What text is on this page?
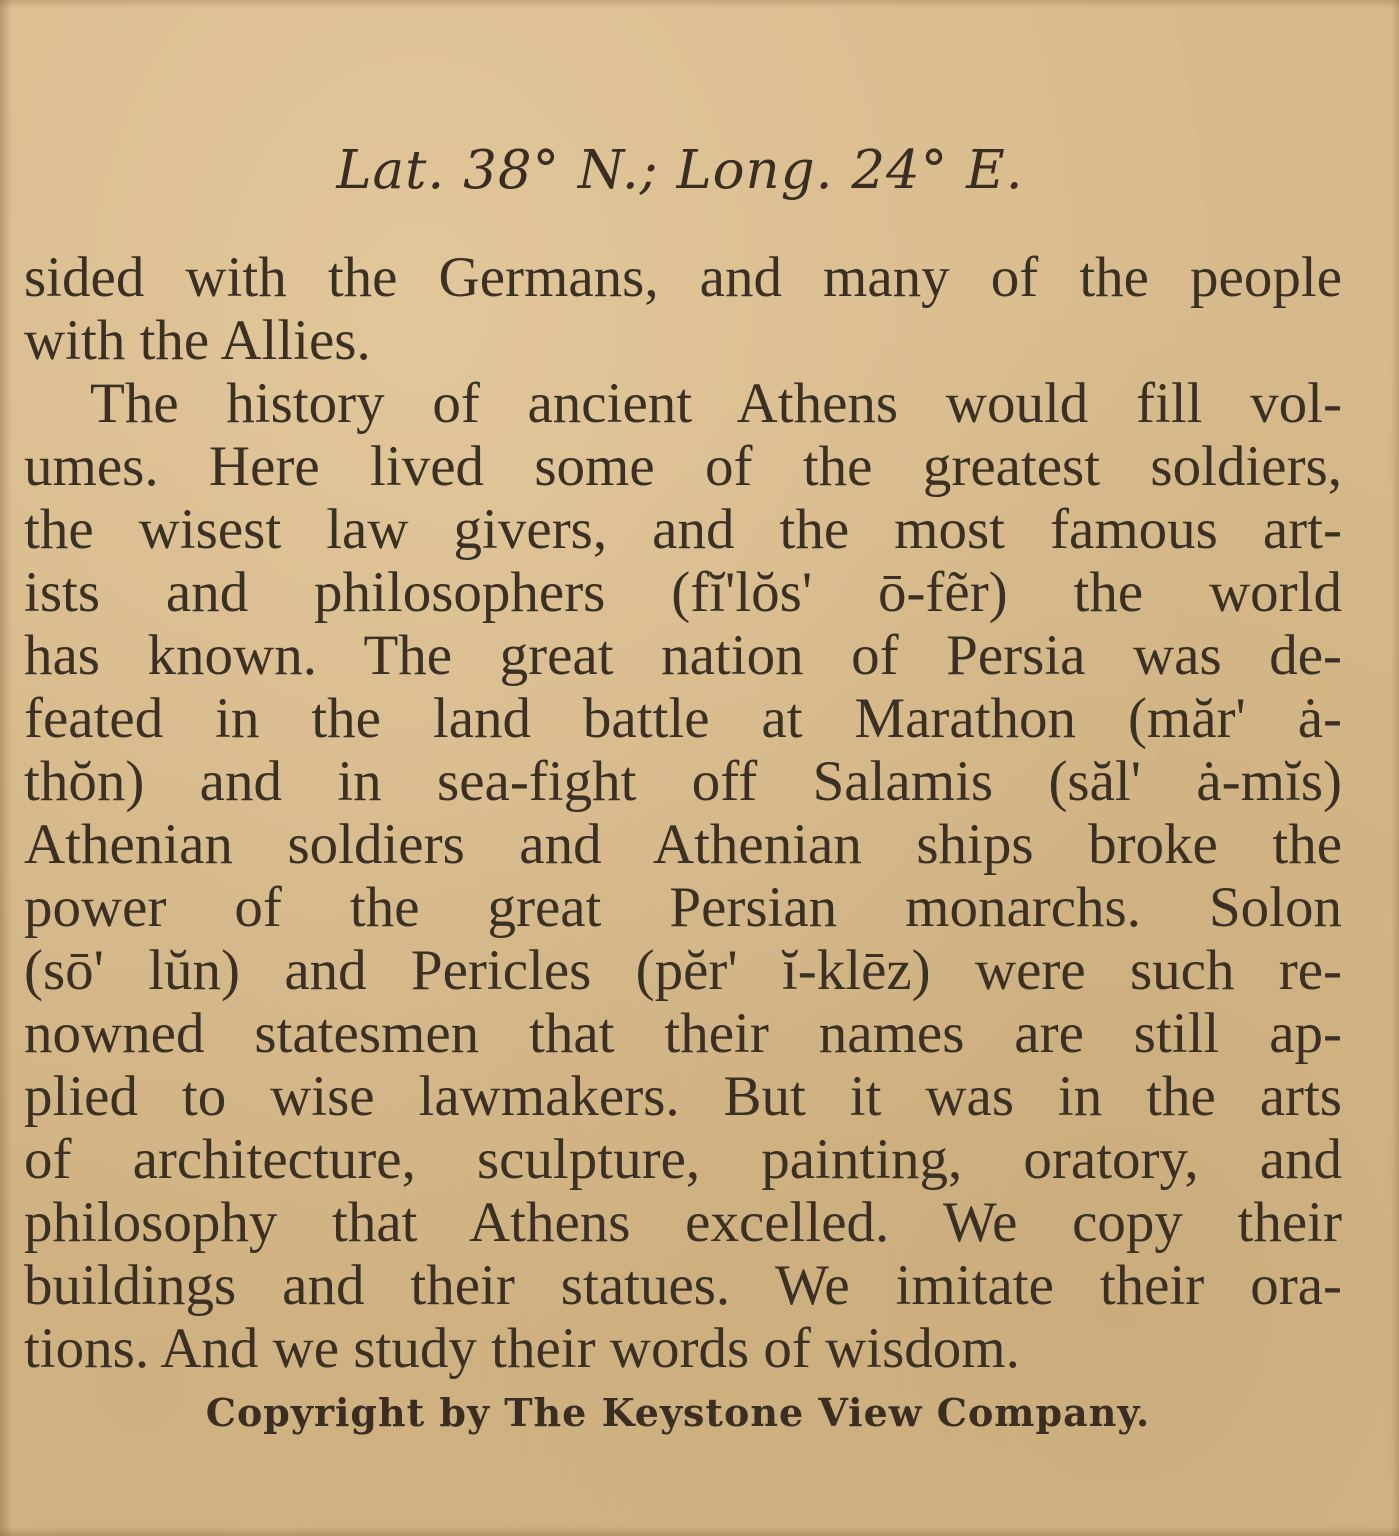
Lat. 38° N.; Long. 24° E.
sided with the Germans, and many of the people
with the Allies.
The history of ancient Athens would fill vol-
umes. Here lived some of the greatest soldiers,
the wisest law givers, and the most famous art-
ists and philosophers (fĭ'lŏs' ō-fẽr) the world
has known. The great nation of Persia was de-
feated in the land battle at Marathon (măr' ȧ-
thŏn) and in sea-fight off Salamis (săl' ȧ-mĭs)
Athenian soldiers and Athenian ships broke the
power of the great Persian monarchs. Solon
(sō' lŭn) and Pericles (pĕr' ĭ-klēz) were such re-
nowned statesmen that their names are still ap-
plied to wise lawmakers. But it was in the arts
of architecture, sculpture, painting, oratory, and
philosophy that Athens excelled. We copy their
buildings and their statues. We imitate their ora-
tions. And we study their words of wisdom.
Copyright by The Keystone View Company.
